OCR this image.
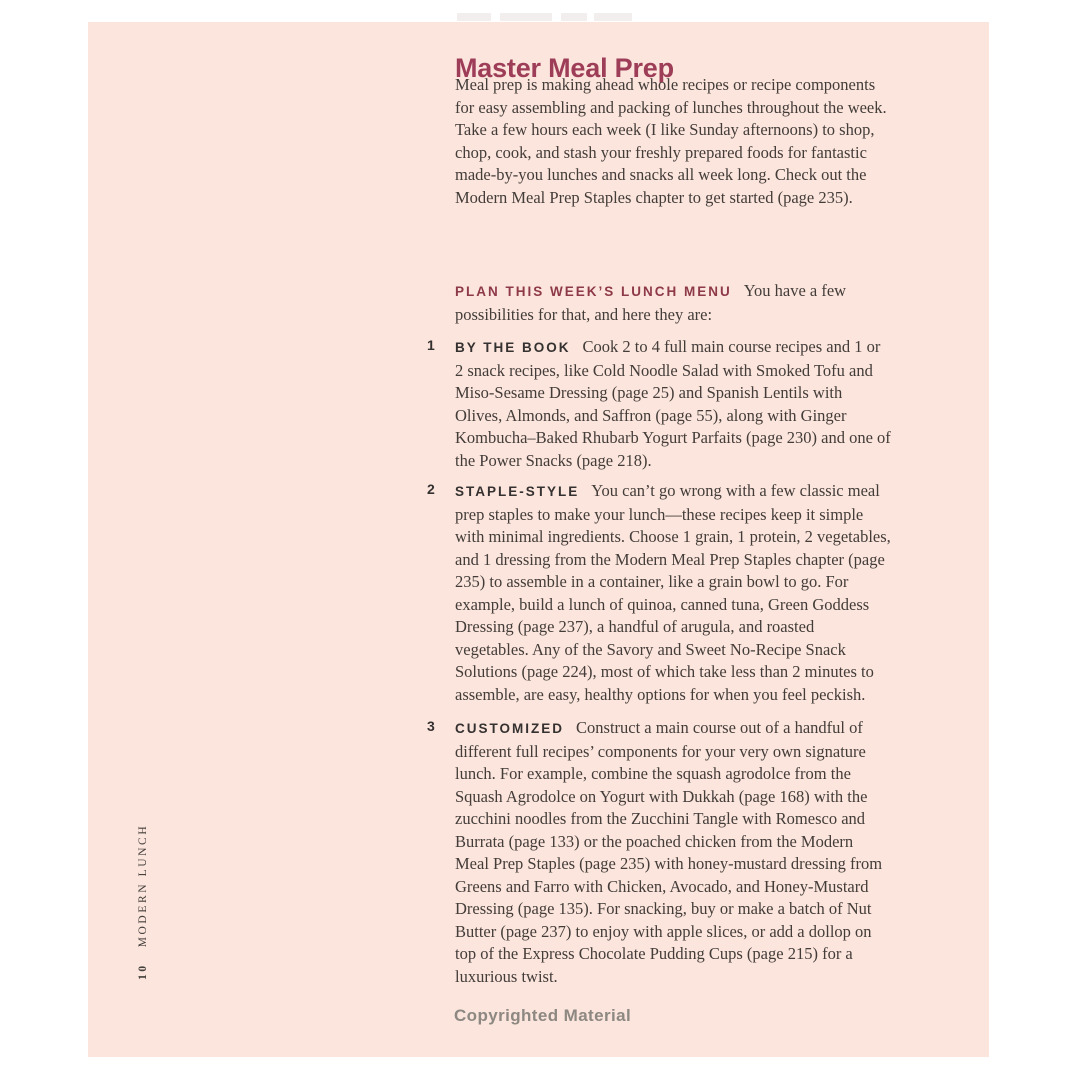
Master Meal Prep

Meal prep is making ahead whole recipes or recipe components for easy assembling and packing of lunches throughout the week. Take a few hours each week (I like Sunday afternoons) to shop, chop, cook, and stash your freshly prepared foods for fantastic made-by-you lunches and snacks all week long. Check out the Modern Meal Prep Staples chapter to get started (page 235).

PLAN THIS WEEK’S LUNCH MENU You have a few possibilities for that, and here they are:

1 BY THE BOOK Cook 2 to 4 full main course recipes and 1 or 2 snack recipes, like Cold Noodle Salad with Smoked Tofu and Miso-Sesame Dressing (page 25) and Spanish Lentils with Olives, Almonds, and Saffron (page 55), along with Ginger Kombucha–Baked Rhubarb Yogurt Parfaits (page 230) and one of the Power Snacks (page 218).

2 STAPLE-STYLE You can’t go wrong with a few classic meal prep staples to make your lunch—these recipes keep it simple with minimal ingredients. Choose 1 grain, 1 protein, 2 vegetables, and 1 dressing from the Modern Meal Prep Staples chapter (page 235) to assemble in a container, like a grain bowl to go. For example, build a lunch of quinoa, canned tuna, Green Goddess Dressing (page 237), a handful of arugula, and roasted vegetables. Any of the Savory and Sweet No-Recipe Snack Solutions (page 224), most of which take less than 2 minutes to assemble, are easy, healthy options for when you feel peckish.

3 CUSTOMIZED Construct a main course out of a handful of different full recipes’ components for your very own signature lunch. For example, combine the squash agrodolce from the Squash Agrodolce on Yogurt with Dukkah (page 168) with the zucchini noodles from the Zucchini Tangle with Romesco and Burrata (page 133) or the poached chicken from the Modern Meal Prep Staples (page 235) with honey-mustard dressing from Greens and Farro with Chicken, Avocado, and Honey-Mustard Dressing (page 135). For snacking, buy or make a batch of Nut Butter (page 237) to enjoy with apple slices, or add a dollop on top of the Express Chocolate Pudding Cups (page 215) for a luxurious twist.

10MODERN LUNCH
Copyrighted Material
